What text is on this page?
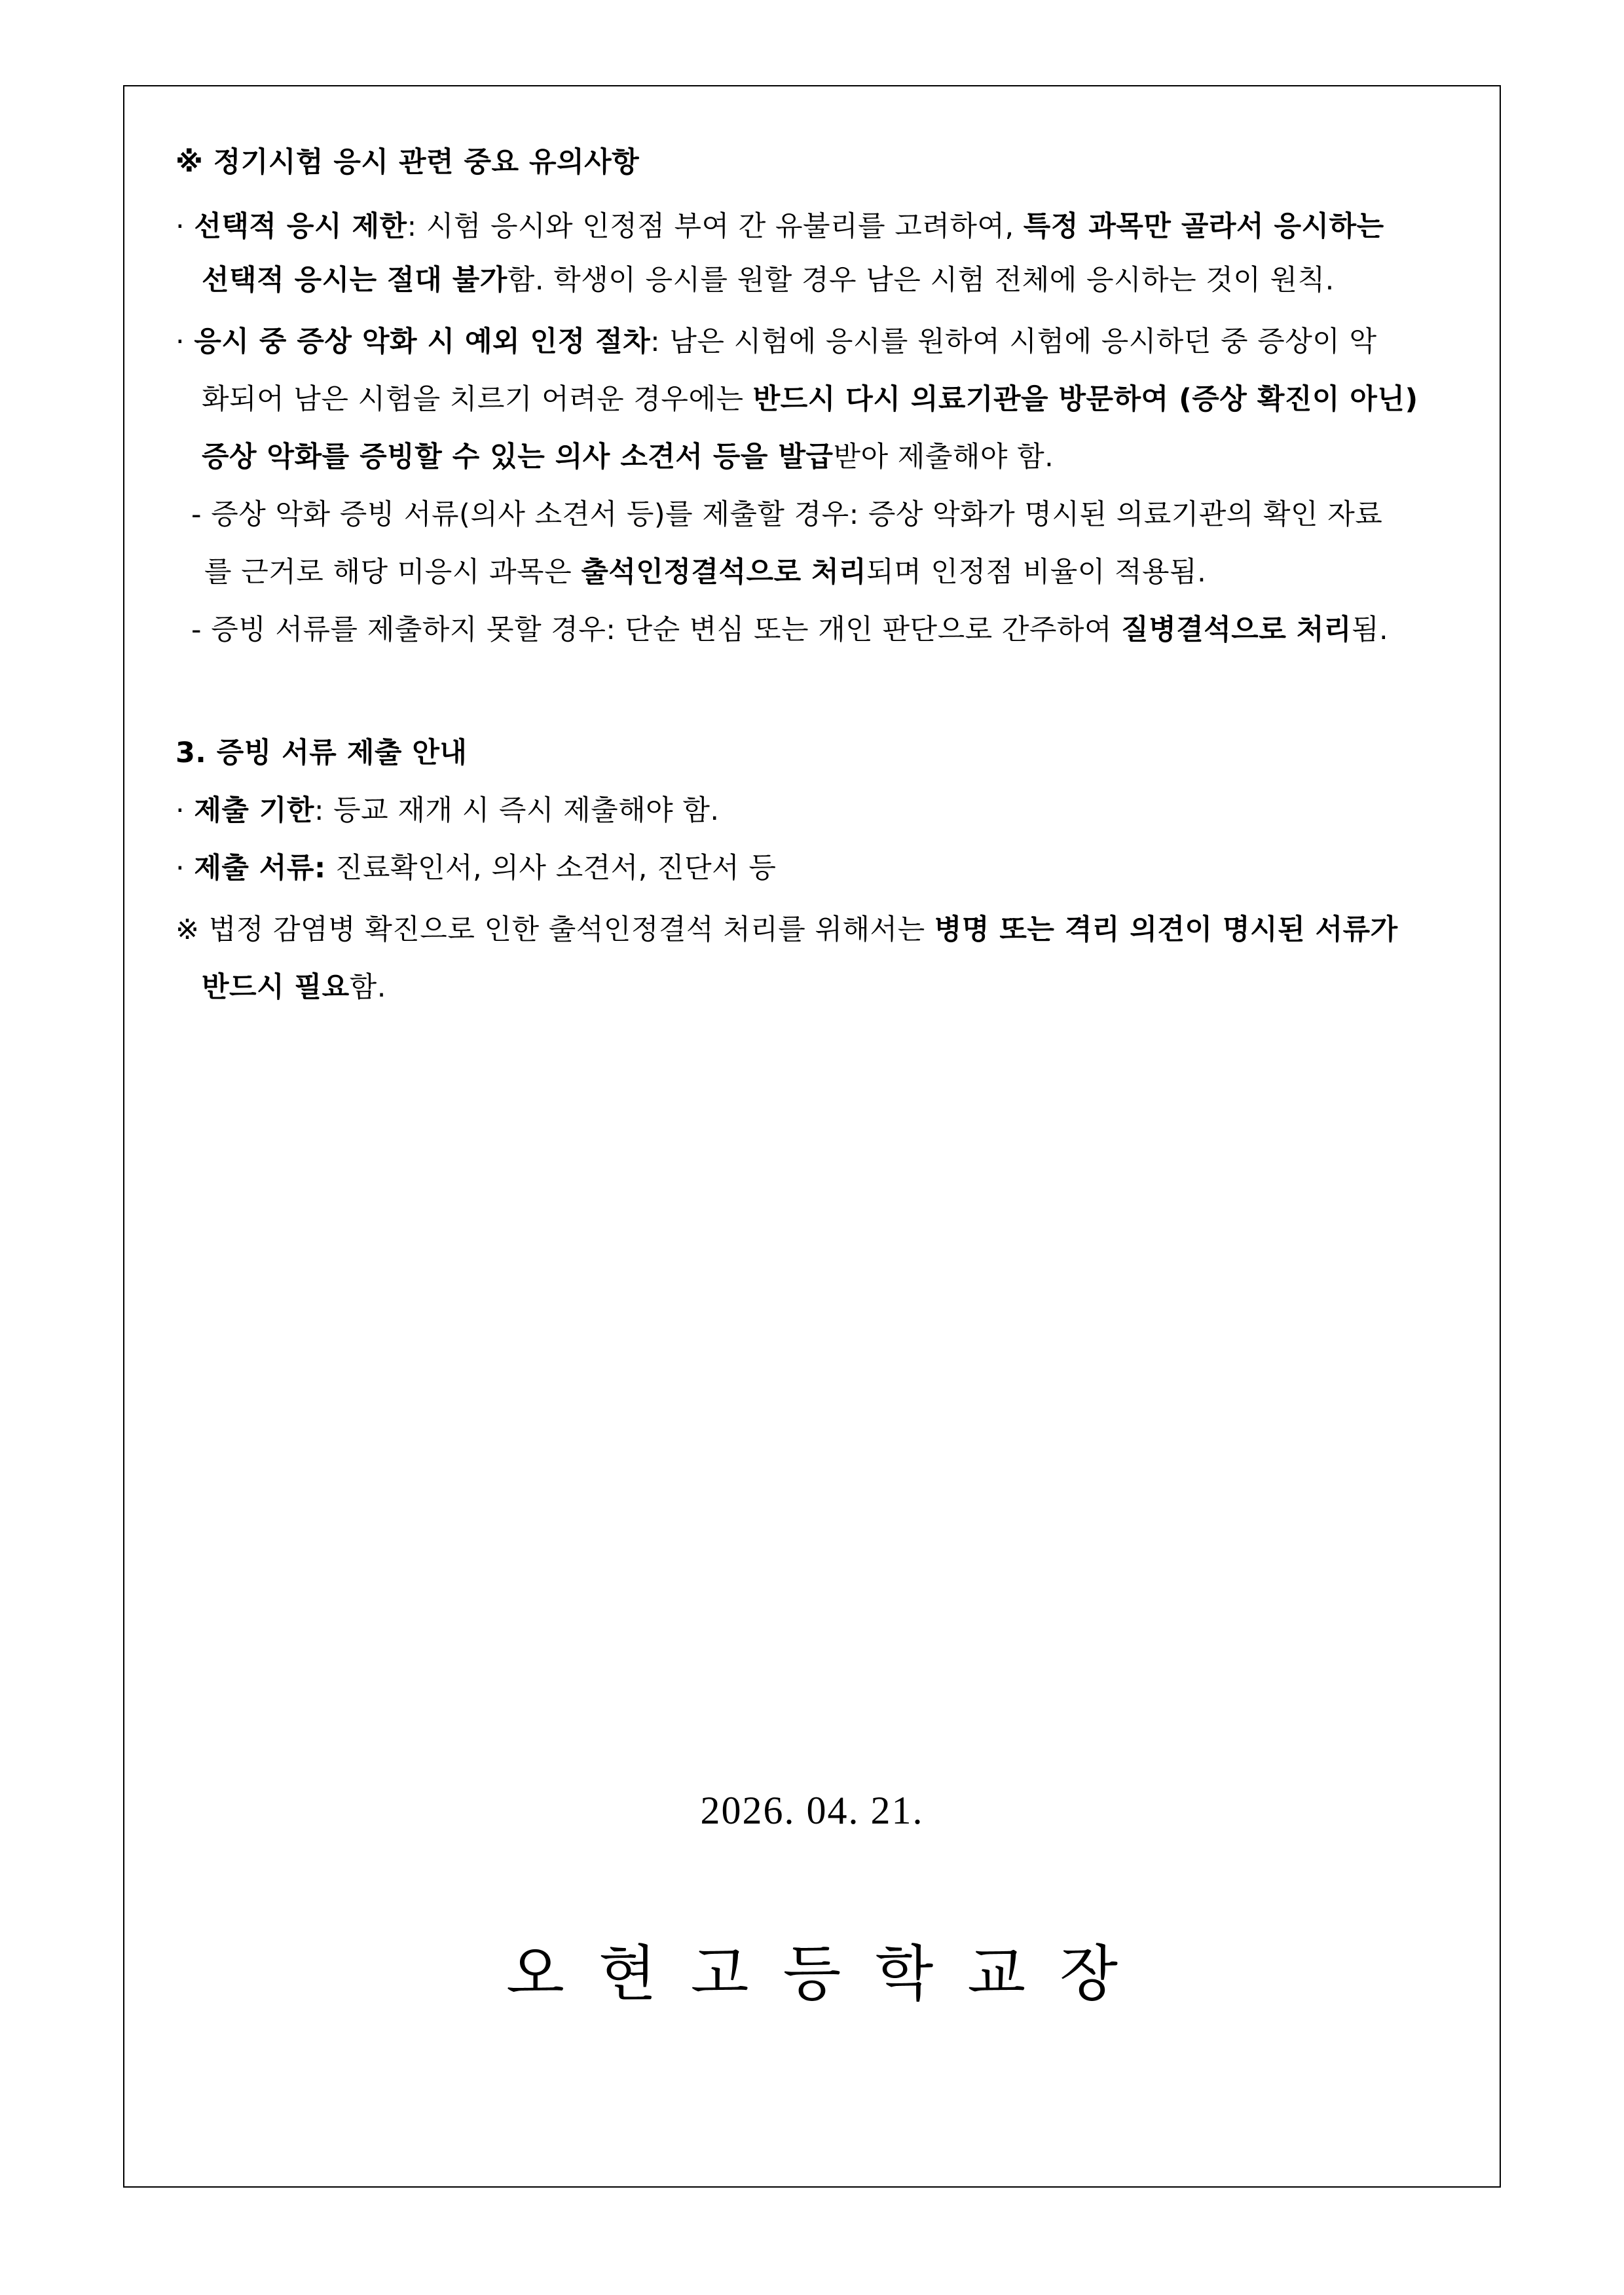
※ 정기시험 응시 관련 중요 유의사항
· 선택적 응시 제한: 시험 응시와 인정점 부여 간 유불리를 고려하여, 특정 과목만 골라서 응시하는
선택적 응시는 절대 불가함. 학생이 응시를 원할 경우 남은 시험 전체에 응시하는 것이 원칙.
· 응시 중 증상 악화 시 예외 인정 절차: 남은 시험에 응시를 원하여 시험에 응시하던 중 증상이 악
화되어 남은 시험을 치르기 어려운 경우에는 반드시 다시 의료기관을 방문하여 (증상 확진이 아닌)
증상 악화를 증빙할 수 있는 의사 소견서 등을 발급받아 제출해야 함.
- 증상 악화 증빙 서류(의사 소견서 등)를 제출할 경우: 증상 악화가 명시된 의료기관의 확인 자료
를 근거로 해당 미응시 과목은 출석인정결석으로 처리되며 인정점 비율이 적용됨.
- 증빙 서류를 제출하지 못할 경우: 단순 변심 또는 개인 판단으로 간주하여 질병결석으로 처리됨.
3. 증빙 서류 제출 안내
· 제출 기한: 등교 재개 시 즉시 제출해야 함.
· 제출 서류: 진료확인서, 의사 소견서, 진단서 등
※ 법정 감염병 확진으로 인한 출석인정결석 처리를 위해서는 병명 또는 격리 의견이 명시된 서류가
반드시 필요함.
2026. 04. 21.
오현고등학교장
